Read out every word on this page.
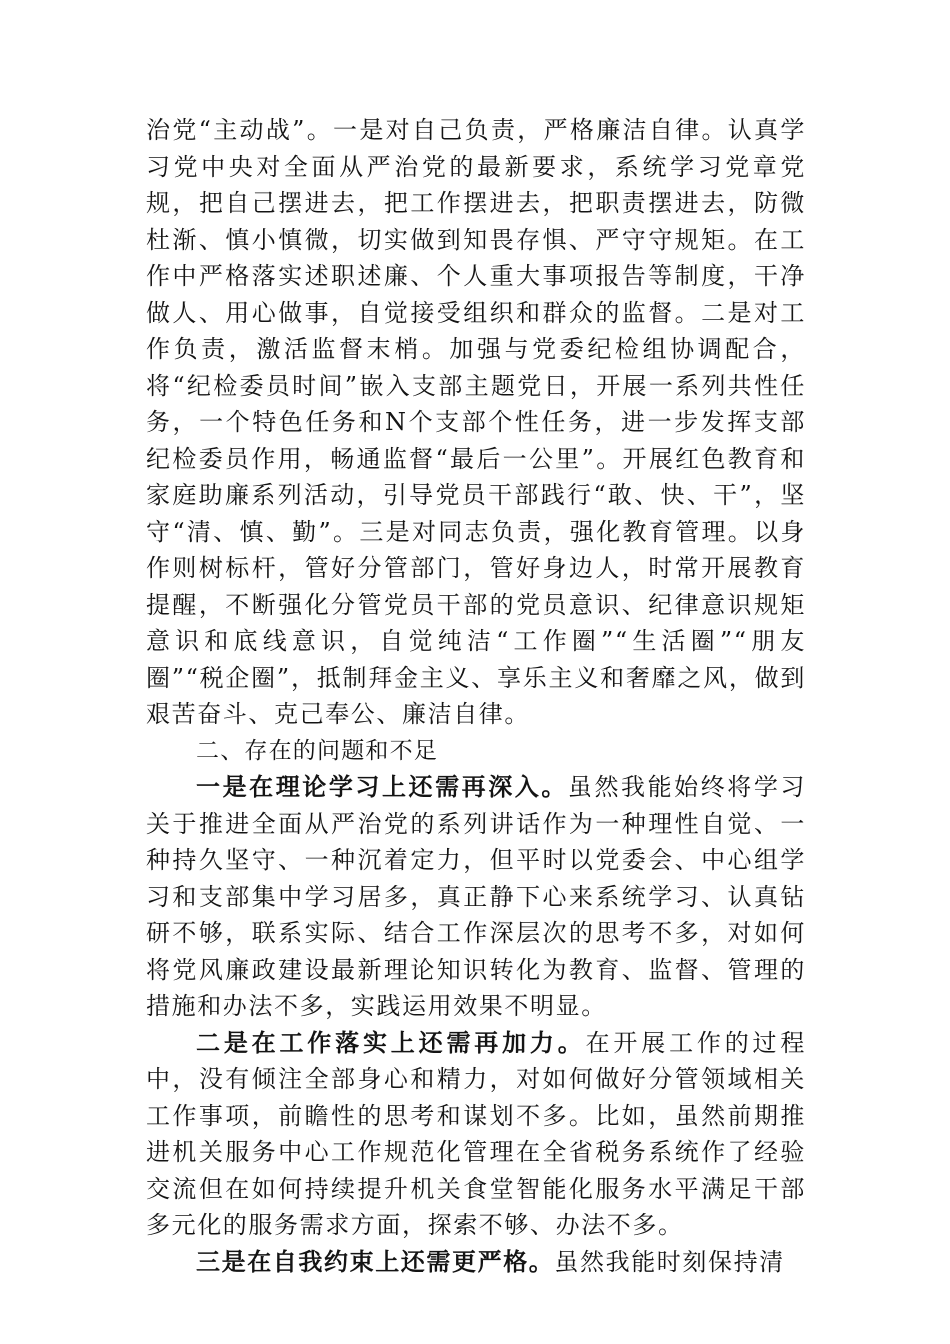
治党“主动战”。一是对自己负责，严格廉洁自律。认真学习党中央对全面从严治党的最新要求，系统学习党章党规，把自己摆进去，把工作摆进去，把职责摆进去，防微杜渐、慎小慎微，切实做到知畏存惧、严守守规矩。在工作中严格落实述职述廉、个人重大事项报告等制度，干净做人、用心做事，自觉接受组织和群众的监督。二是对工作负责，激活监督末梢。加强与党委纪检组协调配合，将“纪检委员时间”嵌入支部主题党日，开展一系列共性任务，一个特色任务和N个支部个性任务，进一步发挥支部纪检委员作用，畅通监督“最后一公里”。开展红色教育和家庭助廉系列活动，引导党员干部践行“敢、快、干”，坚守“清、慎、勤”。三是对同志负责，强化教育管理。以身作则树标杆，管好分管部门，管好身边人，时常开展教育提醒，不断强化分管党员干部的党员意识、纪律意识规矩意识和底线意识，自觉纯洁“工作圈”“生活圈”“朋友圈”“税企圈”，抵制拜金主义、享乐主义和奢靡之风，做到艰苦奋斗、克己奉公、廉洁自律。

二、存在的问题和不足

一是在理论学习上还需再深入。虽然我能始终将学习关于推进全面从严治党的系列讲话作为一种理性自觉、一种持久坚守、一种沉着定力，但平时以党委会、中心组学习和支部集中学习居多，真正静下心来系统学习、认真钻研不够，联系实际、结合工作深层次的思考不多，对如何将党风廉政建设最新理论知识转化为教育、监督、管理的措施和办法不多，实践运用效果不明显。

二是在工作落实上还需再加力。在开展工作的过程中，没有倾注全部身心和精力，对如何做好分管领域相关工作事项，前瞻性的思考和谋划不多。比如，虽然前期推进机关服务中心工作规范化管理在全省税务系统作了经验交流但在如何持续提升机关食堂智能化服务水平满足干部多元化的服务需求方面，探索不够、办法不多。

三是在自我约束上还需更严格。虽然我能时刻保持清
